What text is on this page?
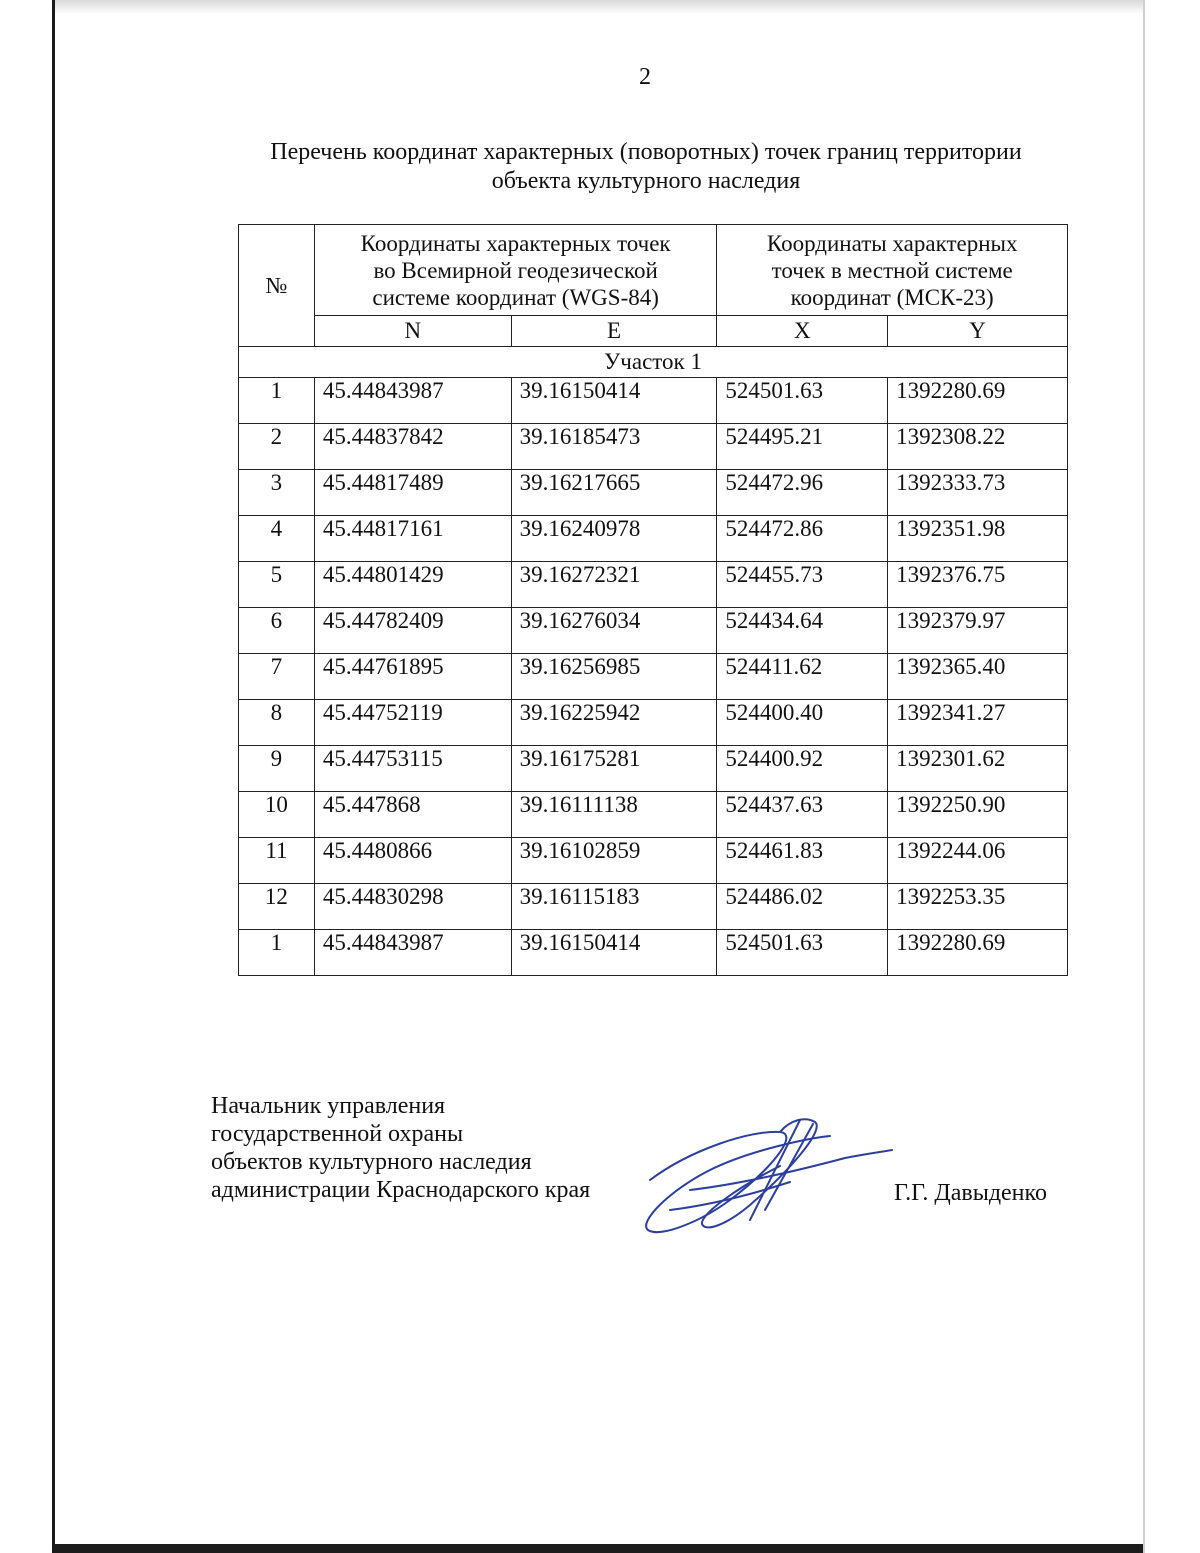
2
Перечень координат характерных (поворотных) точек границ территории
объекта культурного наследия
№	Координаты характерных точек
во Всемирной геодезической
системе координат (WGS-84)		Координаты характерных
точек в местной системе
координат (МСК-23)	

	N	E	X	Y
Участок 1				
1	45.44843987	39.16150414	524501.63	1392280.69
2	45.44837842	39.16185473	524495.21	1392308.22
3	45.44817489	39.16217665	524472.96	1392333.73
4	45.44817161	39.16240978	524472.86	1392351.98
5	45.44801429	39.16272321	524455.73	1392376.75
6	45.44782409	39.16276034	524434.64	1392379.97
7	45.44761895	39.16256985	524411.62	1392365.40
8	45.44752119	39.16225942	524400.40	1392341.27
9	45.44753115	39.16175281	524400.92	1392301.62
10	45.447868	39.16111138	524437.63	1392250.90
11	45.4480866	39.16102859	524461.83	1392244.06
12	45.44830298	39.16115183	524486.02	1392253.35
1	45.44843987	39.16150414	524501.63	1392280.69
Начальник управления
государственной охраны
объектов культурного наследия
администрации Краснодарского края	Г.Г. Давыденко
